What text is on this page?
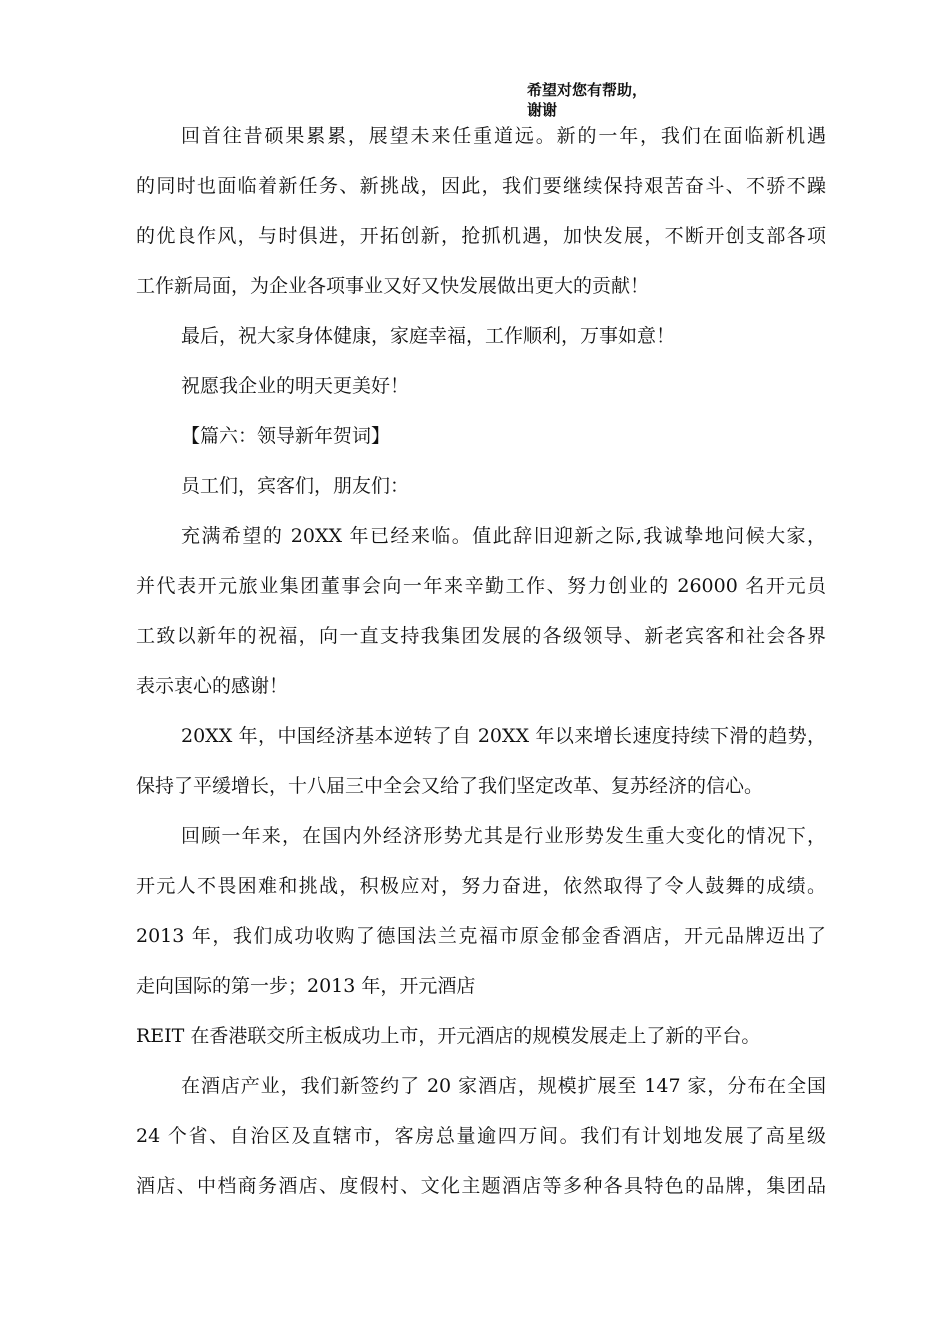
希望对您有帮助，
谢谢
回首往昔硕果累累，展望未来任重道远。新的一年，我们在面临新机遇
的同时也面临着新任务、新挑战，因此，我们要继续保持艰苦奋斗、不骄不躁
的优良作风，与时俱进，开拓创新，抢抓机遇，加快发展，不断开创支部各项
工作新局面，为企业各项事业又好又快发展做出更大的贡献！
最后，祝大家身体健康，家庭幸福，工作顺利，万事如意！
祝愿我企业的明天更美好！
【篇六：领导新年贺词】
员工们，宾客们，朋友们：
充满希望的 20XX 年已经来临。值此辞旧迎新之际,我诚挚地问候大家，
并代表开元旅业集团董事会向一年来辛勤工作、努力创业的 26000 名开元员
工致以新年的祝福，向一直支持我集团发展的各级领导、新老宾客和社会各界
表示衷心的感谢！
20XX 年，中国经济基本逆转了自 20XX 年以来增长速度持续下滑的趋势，
保持了平缓增长，十八届三中全会又给了我们坚定改革、复苏经济的信心。
回顾一年来，在国内外经济形势尤其是行业形势发生重大变化的情况下，
开元人不畏困难和挑战，积极应对，努力奋进，依然取得了令人鼓舞的成绩。
2013 年，我们成功收购了德国法兰克福市原金郁金香酒店，开元品牌迈出了
走向国际的第一步；2013 年，开元酒店
REIT 在香港联交所主板成功上市，开元酒店的规模发展走上了新的平台。
在酒店产业，我们新签约了 20 家酒店，规模扩展至 147 家，分布在全国
24 个省、自治区及直辖市，客房总量逾四万间。我们有计划地发展了高星级
酒店、中档商务酒店、度假村、文化主题酒店等多种各具特色的品牌，集团品
